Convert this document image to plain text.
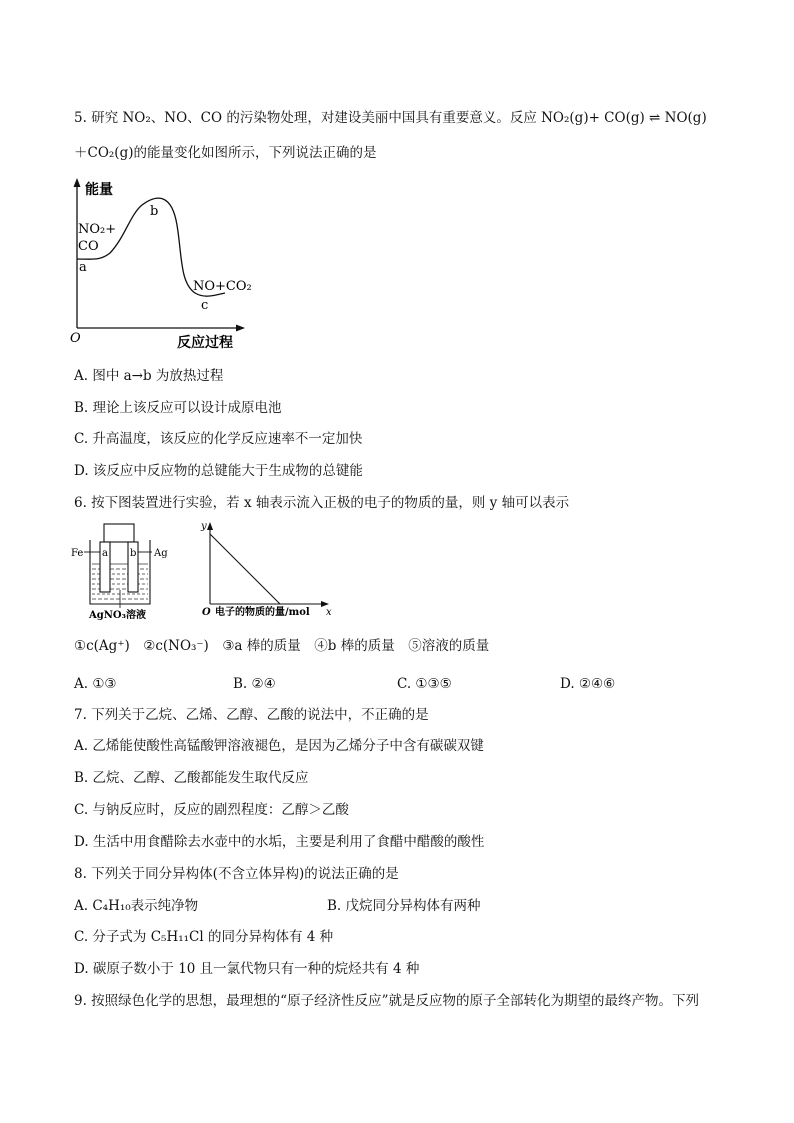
5. 研究 NO₂、NO、CO 的污染物处理，对建设美丽中国具有重要意义。反应 NO₂(g)+ CO(g) ⇌ NO(g)
＋CO₂(g)的能量变化如图所示，下列说法正确的是
能量
NO₂+
CO
a
b
NO+CO₂
c
O	反应过程
A. 图中 a→b 为放热过程
B. 理论上该反应可以设计成原电池
C. 升高温度，该反应的化学反应速率不一定加快
D. 该反应中反应物的总键能大于生成物的总键能
6. 按下图装置进行实验，若 x 轴表示流入正极的电子的物质的量，则 y 轴可以表示
a b
Fe	Ag
AgNO₃溶液
y
O 电子的物质的量/mol x
①c(Ag⁺)　②c(NO₃⁻)　③a 棒的质量　④b 棒的质量　⑤溶液的质量
A. ①③	B. ②④	C. ①③⑤	D. ②④⑥
7. 下列关于乙烷、乙烯、乙醇、乙酸的说法中，不正确的是
A. 乙烯能使酸性高锰酸钾溶液褪色，是因为乙烯分子中含有碳碳双键
B. 乙烷、乙醇、乙酸都能发生取代反应
C. 与钠反应时，反应的剧烈程度：乙醇＞乙酸
D. 生活中用食醋除去水壶中的水垢，主要是利用了食醋中醋酸的酸性
8. 下列关于同分异构体(不含立体异构)的说法正确的是
A. C₄H₁₀表示纯净物	B. 戊烷同分异构体有两种
C. 分子式为 C₅H₁₁Cl 的同分异构体有 4 种
D. 碳原子数小于 10 且一氯代物只有一种的烷烃共有 4 种
9. 按照绿色化学的思想，最理想的“原子经济性反应”就是反应物的原子全部转化为期望的最终产物。下列
